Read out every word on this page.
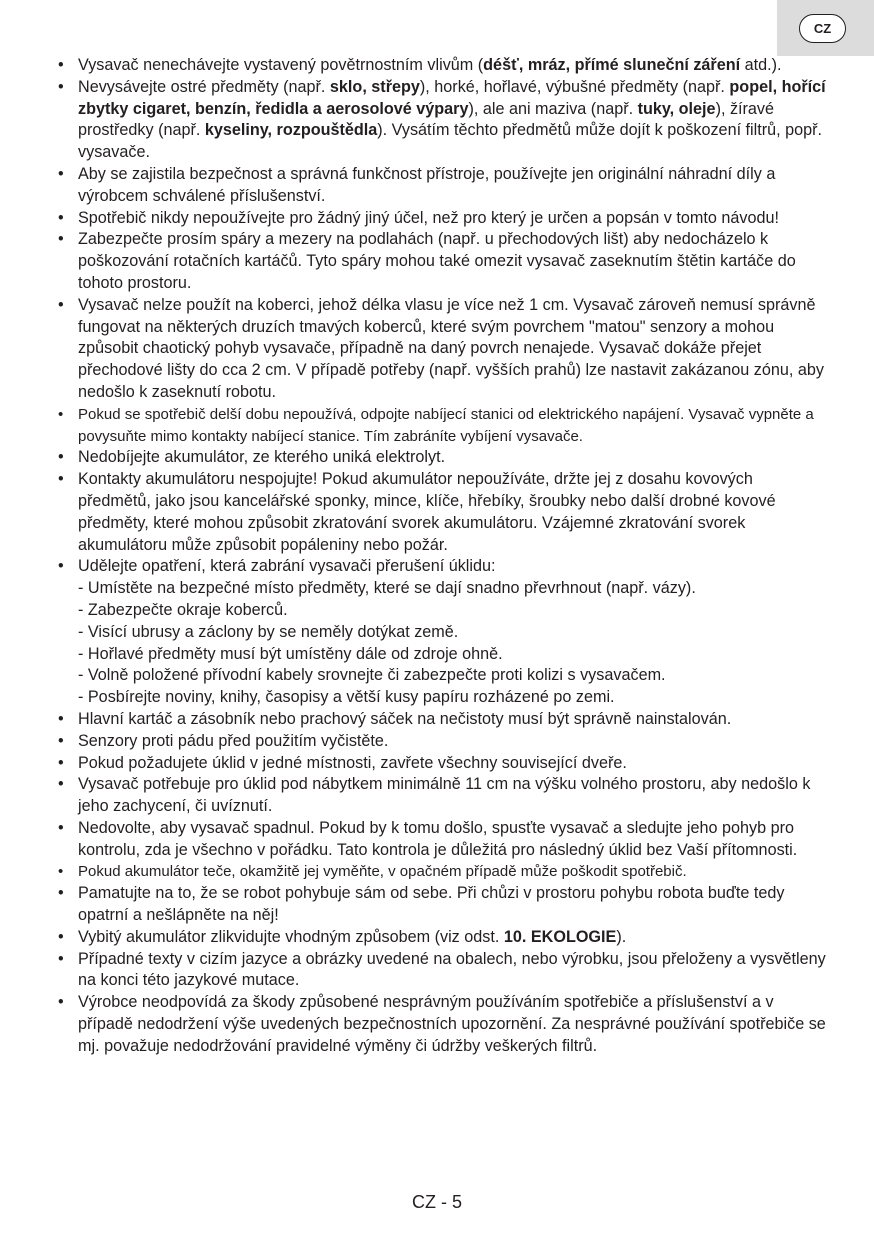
CZ
• Vysavač nenechávejte vystavený povětrnostním vlivům (déšť, mráz, přímé sluneční záření atd.).
• Nevysávejte ostré předměty (např. sklo, střepy), horké, hořlavé, výbušné předměty (např. popel, hořící zbytky cigaret, benzín, ředidla a aerosolové výpary), ale ani maziva (např. tuky, oleje), žíravé prostředky (např. kyseliny, rozpouštědla). Vysátím těchto předmětů může dojít k poškození filtrů, popř. vysavače.
• Aby se zajistila bezpečnost a správná funkčnost přístroje, používejte jen originální náhradní díly a výrobcem schválené příslušenství.
• Spotřebič nikdy nepoužívejte pro žádný jiný účel, než pro který je určen a popsán v tomto návodu!
• Zabezpečte prosím spáry a mezery na podlahách (např. u přechodových lišt) aby nedocházelo k poškozování rotačních kartáčů. Tyto spáry mohou také omezit vysavač zaseknutím štětin kartáče do tohoto prostoru.
• Vysavač nelze použít na koberci, jehož délka vlasu je více než 1 cm. Vysavač zároveň nemusí správně fungovat na některých druzích tmavých koberců, které svým povrchem "matou" senzory a mohou způsobit chaotický pohyb vysavače, případně na daný povrch nenajede. Vysavač dokáže přejet přechodové lišty do cca 2 cm. V případě potřeby (např. vyšších prahů) lze nastavit zakázanou zónu, aby nedošlo k zaseknutí robotu.
• Pokud se spotřebič delší dobu nepoužívá, odpojte nabíjecí stanici od elektrického napájení. Vysavač vypněte a povysuňte mimo kontakty nabíjecí stanice. Tím zabráníte vybíjení vysavače.
• Nedobíjejte akumulátor, ze kterého uniká elektrolyt.
• Kontakty akumulátoru nespojujte! Pokud akumulátor nepoužíváte, držte jej z dosahu kovových předmětů, jako jsou kancelářské sponky, mince, klíče, hřebíky, šroubky nebo další drobné kovové předměty, které mohou způsobit zkratování svorek akumulátoru. Vzájemné zkratování svorek akumulátoru může způsobit popáleniny nebo požár.
• Udělejte opatření, která zabrání vysavači přerušení úklidu:
- Umístěte na bezpečné místo předměty, které se dají snadno převrhnout (např. vázy).
- Zabezpečte okraje koberců.
- Visící ubrusy a záclony by se neměly dotýkat země.
- Hořlavé předměty musí být umístěny dále od zdroje ohně.
- Volně položené přívodní kabely srovnejte či zabezpečte proti kolizi s vysavačem.
- Posbírejte noviny, knihy, časopisy a větší kusy papíru rozházené po zemi.
• Hlavní kartáč a zásobník nebo prachový sáček na nečistoty musí být správně nainstalován.
• Senzory proti pádu před použitím vyčistěte.
• Pokud požadujete úklid v jedné místnosti, zavřete všechny související dveře.
• Vysavač potřebuje pro úklid pod nábytkem minimálně 11 cm na výšku volného prostoru, aby nedošlo k jeho zachycení, či uvíznutí.
• Nedovolte, aby vysavač spadnul. Pokud by k tomu došlo, spusťte vysavač a sledujte jeho pohyb pro kontrolu, zda je všechno v pořádku. Tato kontrola je důležitá pro následný úklid bez Vaší přítomnosti.
• Pokud akumulátor teče, okamžitě jej vyměňte, v opačném případě může poškodit spotřebič.
• Pamatujte na to, že se robot pohybuje sám od sebe. Při chůzi v prostoru pohybu robota buďte tedy opatrní a nešlápněte na něj!
• Vybitý akumulátor zlikvidujte vhodným způsobem (viz odst. 10. EKOLOGIE).
• Případné texty v cizím jazyce a obrázky uvedené na obalech, nebo výrobku, jsou přeloženy a vysvětleny na konci této jazykové mutace.
• Výrobce neodpovídá za škody způsobené nesprávným používáním spotřebiče a příslušenství a v případě nedodržení výše uvedených bezpečnostních upozornění. Za nesprávné používání spotřebiče se mj. považuje nedodržování pravidelné výměny či údržby veškerých filtrů.
CZ - 5
